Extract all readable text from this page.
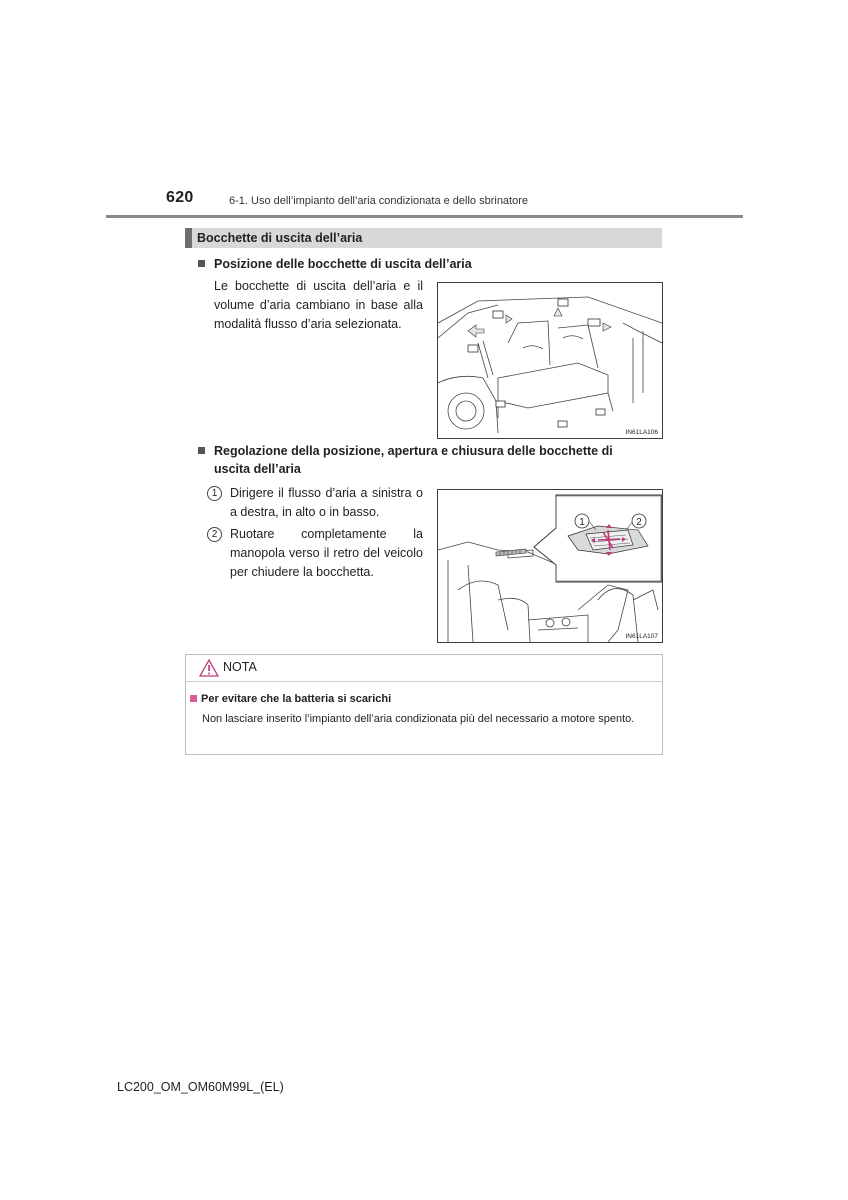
620	6-1. Uso dell’impianto dell’aria condizionata e dello sbrinatore
Bocchette di uscita dell’aria
Posizione delle bocchette di uscita dell’aria
Le bocchette di uscita dell’aria e il volume d’aria cambiano in base alla modalità flusso d’aria selezionata.
IN61LA106
Regolazione della posizione, apertura e chiusura delle bocchette di
uscita dell’aria
1	Dirigere il flusso d’aria a sinistra o a destra, in alto o in basso.
2	Ruotare completamente la manopola verso il retro del veicolo per chiudere la bocchetta.
1	2
IN61LA107
NOTA
Per evitare che la batteria si scarichi
Non lasciare inserito l’impianto dell’aria condizionata più del necessario a motore spento.
LC200_OM_OM60M99L_(EL)
